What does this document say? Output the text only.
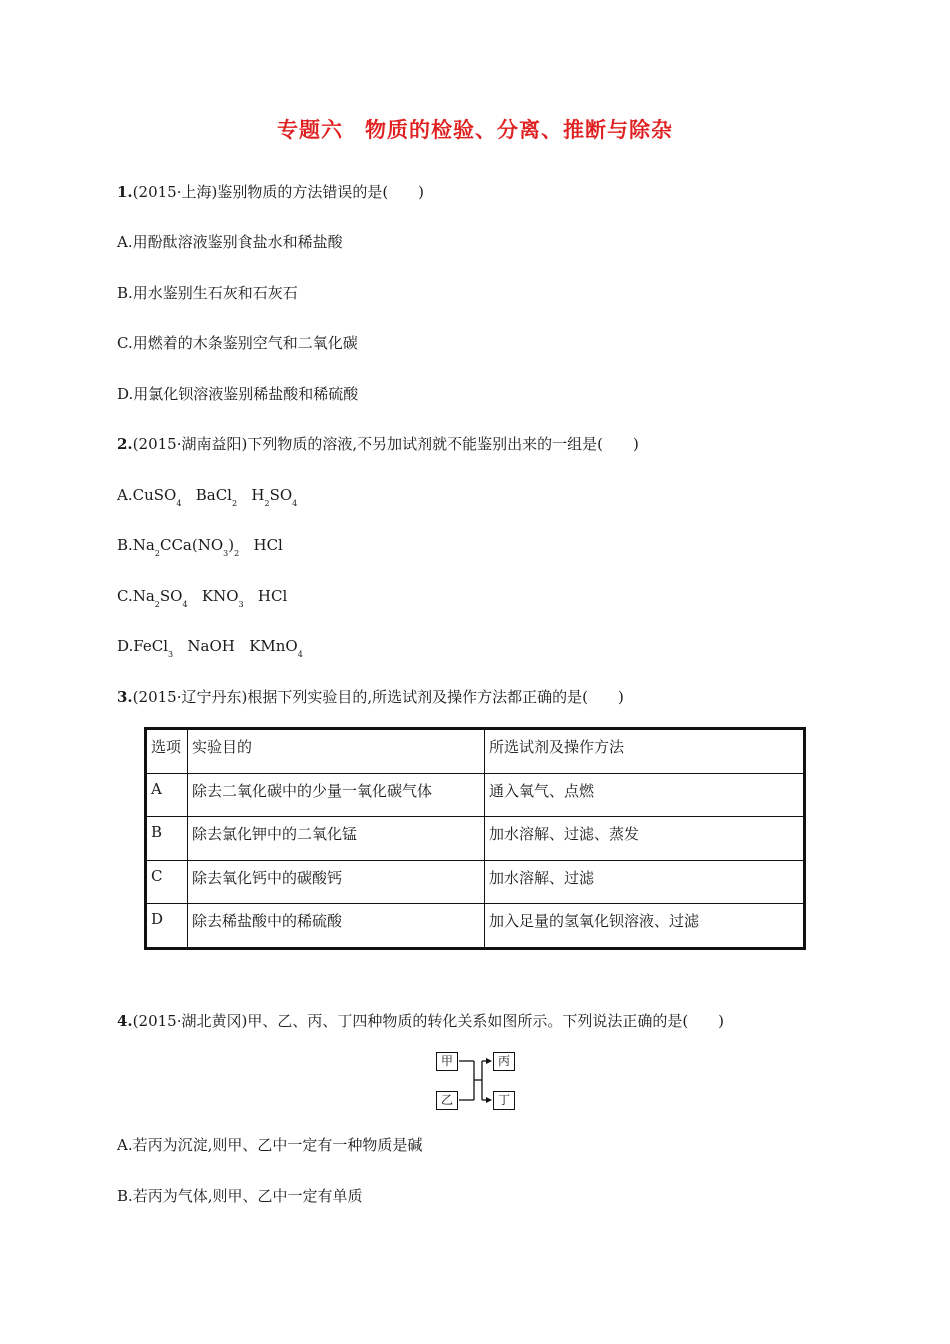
专题六　物质的检验、分离、推断与除杂
1.(2015·上海)鉴别物质的方法错误的是(　　)
A.用酚酞溶液鉴别食盐水和稀盐酸
B.用水鉴别生石灰和石灰石
C.用燃着的木条鉴别空气和二氧化碳
D.用氯化钡溶液鉴别稀盐酸和稀硫酸
2.(2015·湖南益阳)下列物质的溶液,不另加试剂就不能鉴别出来的一组是(　　)
A.CuSO$_4$ BaCl$_2$ $H_2SO_4$
$B.Na_2CCa(NO_3)_2$ HCl
$C.Na_2SO_4$ $KNO_3$ HCl
D.FeCl$_3$ NaOH KMnO$_4$
3.(2015·辽宁丹东)根据下列实验目的,所选试剂及操作方法都正确的是(　　)
选项	实验目的	所选试剂及操作方法
A	除去二氧化碳中的少量一氧化碳气体	通入氧气、点燃
B	除去氯化钾中的二氧化锰	加水溶解、过滤、蒸发
C	除去氧化钙中的碳酸钙	加水溶解、过滤
D	除去稀盐酸中的稀硫酸	加入足量的氢氧化钡溶液、过滤
4.(2015·湖北黄冈)甲、乙、丙、丁四种物质的转化关系如图所示。下列说法正确的是(　　)
甲
乙
丙
丁
A.若丙为沉淀,则甲、乙中一定有一种物质是碱
B.若丙为气体,则甲、乙中一定有单质
